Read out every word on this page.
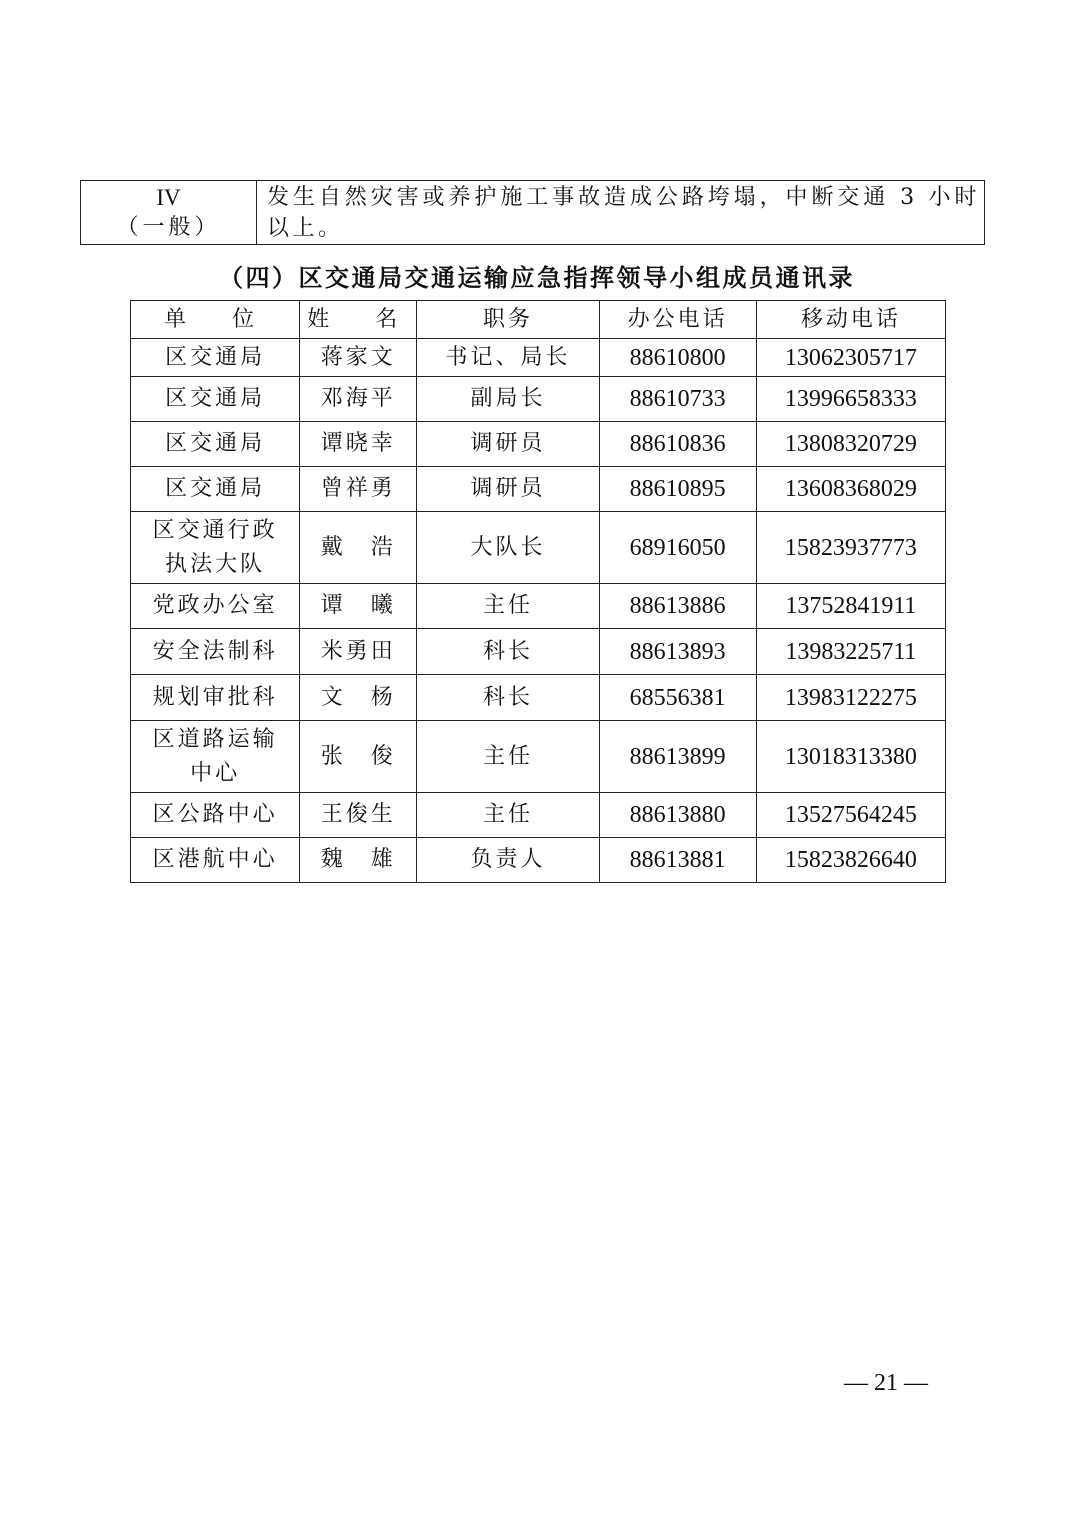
IV
（一般）
	发生自然灾害或养护施工事故造成公路垮塌，中断交通 3 小时以上。
（四）区交通局交通运输应急指挥领导小组成员通讯录
单　位	姓　名	职务	办公电话	移动电话
区交通局	蒋家文	书记、局长	88610800	13062305717
区交通局	邓海平	副局长	88610733	13996658333
区交通局	谭晓幸	调研员	88610836	13808320729
区交通局	曾祥勇	调研员	88610895	13608368029
区交通行政执法大队	戴　浩	大队长	68916050	15823937773
党政办公室	谭　曦	主任	88613886	13752841911
安全法制科	米勇田	科长	88613893	13983225711
规划审批科	文　杨	科长	68556381	13983122275
区道路运输中心	张　俊	主任	88613899	13018313380
区公路中心	王俊生	主任	88613880	13527564245
区港航中心	魏　雄	负责人	88613881	15823826640
— 21 —
